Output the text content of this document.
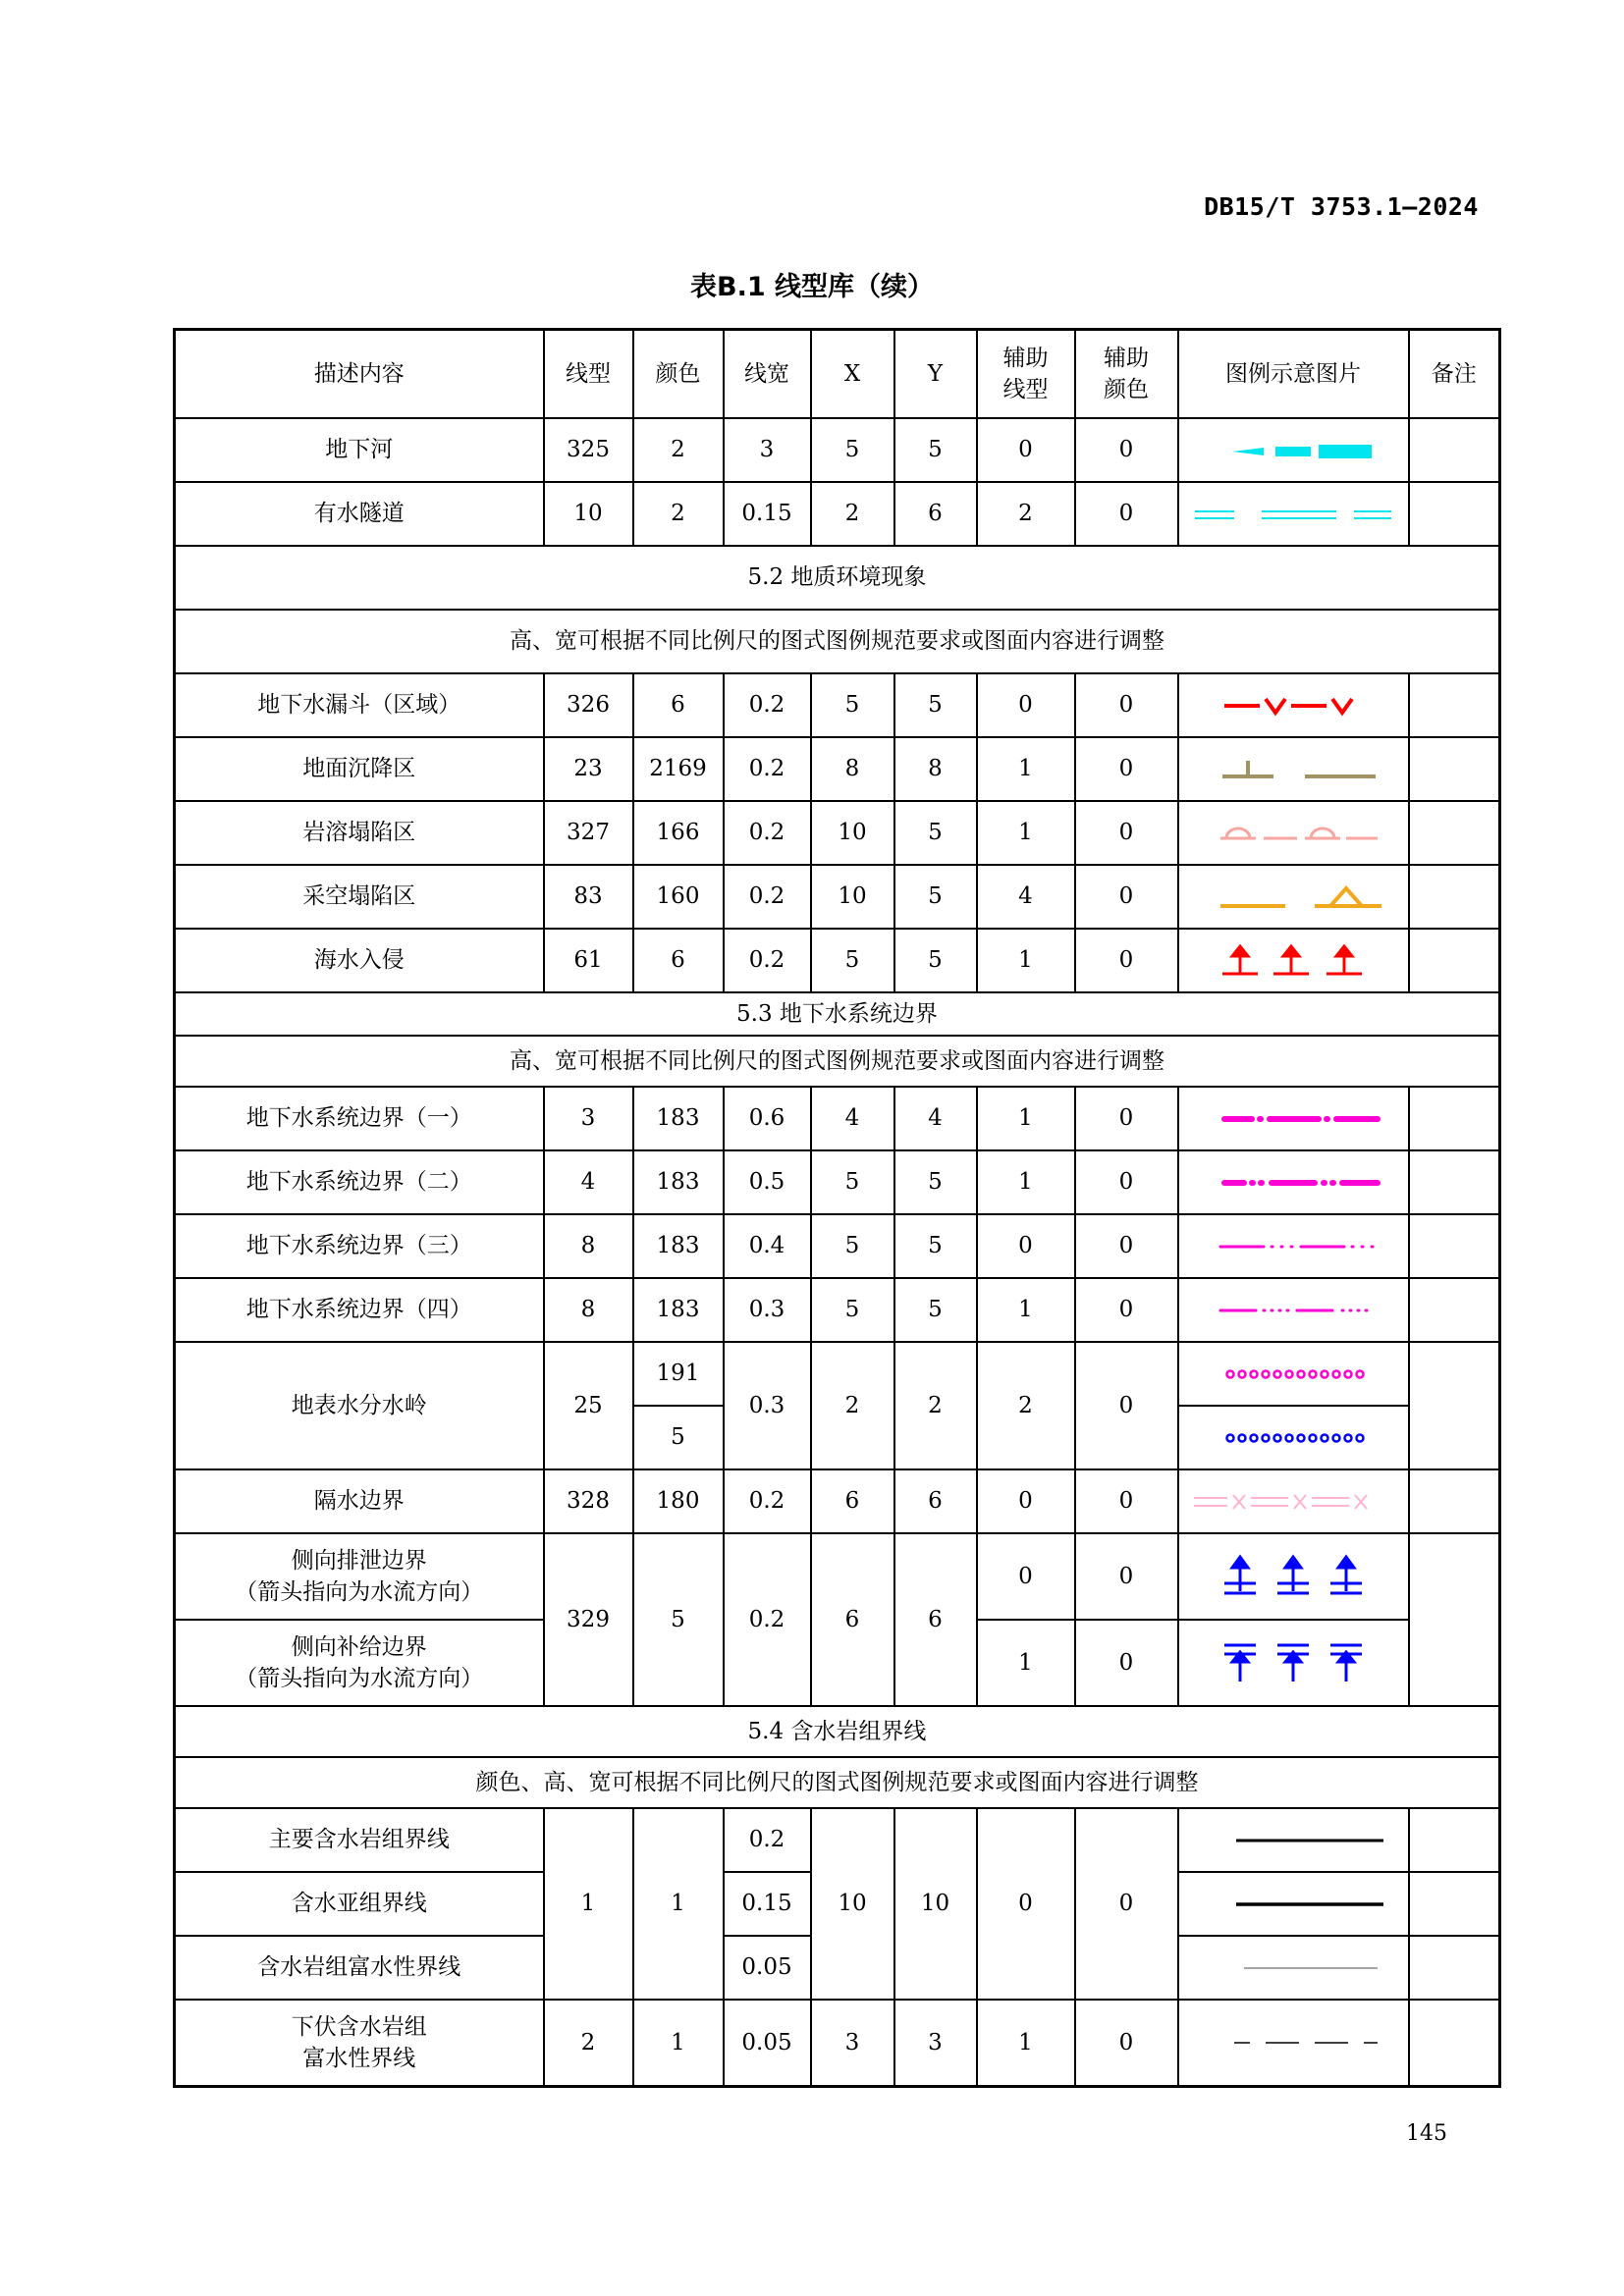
DB15/T 3753.1—2024
表B.1 线型库（续）
描述内容	线型	颜色	线宽	X	Y	辅助
线型	辅助
颜色	图例示意图片	备注
地下河	325	2	3	5	5	0	0	

有水隧道	10	2	0.15	2	6	2	0	

5.2 地质环境现象									
高、宽可根据不同比例尺的图式图例规范要求或图面内容进行调整									
地下水漏斗（区域）	326	6	0.2	5	5	0	0	

地面沉降区	23	2169	0.2	8	8	1	0	

岩溶塌陷区	327	166	0.2	10	5	1	0	

采空塌陷区	83	160	0.2	10	5	4	0	

海水入侵	61	6	0.2	5	5	1	0	

5.3 地下水系统边界									
高、宽可根据不同比例尺的图式图例规范要求或图面内容进行调整									
地下水系统边界（一）	3	183	0.6	4	4	1	0	

地下水系统边界（二）	4	183	0.5	5	5	1	0	

地下水系统边界（三）	8	183	0.4	5	5	0	0	

地下水系统边界（四）	8	183	0.3	5	5	1	0	

地表水分水岭	25	191	0.3	2	2	2	0	

		5	

隔水边界	328	180	0.2	6	6	0	0	

侧向排泄边界
（箭头指向为水流方向）	329	5	0.2	6	6	0	0	

侧向补给边界
（箭头指向为水流方向）						1	0	

5.4 含水岩组界线									
颜色、高、宽可根据不同比例尺的图式图例规范要求或图面内容进行调整									
主要含水岩组界线	1	1	0.2	10	10	0	0	

含水亚组界线			0.15	

含水岩组富水性界线			0.05	

下伏含水岩组
富水性界线	2	1	0.05	3	3	1	0	

145
